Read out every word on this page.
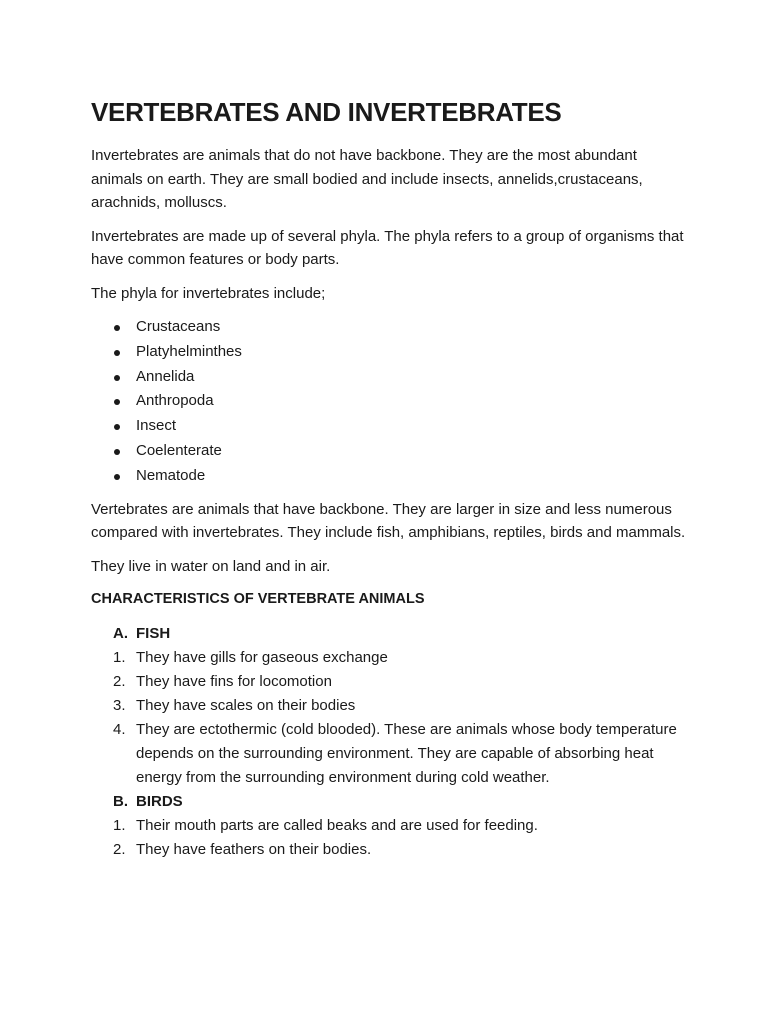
VERTEBRATES AND INVERTEBRATES

Invertebrates are animals that do not have backbone. They are the most abundant animals on earth. They are small bodied and include insects, annelids,crustaceans, arachnids, molluscs.

Invertebrates are made up of several phyla. The phyla refers to a group of organisms that have common features or body parts.

The phyla for invertebrates include;

Crustaceans
Platyhelminthes
Annelida
Anthropoda
Insect
Coelenterate
Nematode

Vertebrates are animals that have backbone. They are larger in size and less numerous compared with invertebrates. They include fish, amphibians, reptiles, birds and mammals.

They live in water on land and in air.

CHARACTERISTICS OF VERTEBRATE ANIMALS
A. FISH
1. They have gills for gaseous exchange
2. They have fins for locomotion
3. They have scales on their bodies
4. They are ectothermic (cold blooded). These are animals whose body temperature depends on the surrounding environment. They are capable of absorbing heat energy from the surrounding environment during cold weather.
B. BIRDS
1. Their mouth parts are called beaks and are used for feeding.
2. They have feathers on their bodies.
